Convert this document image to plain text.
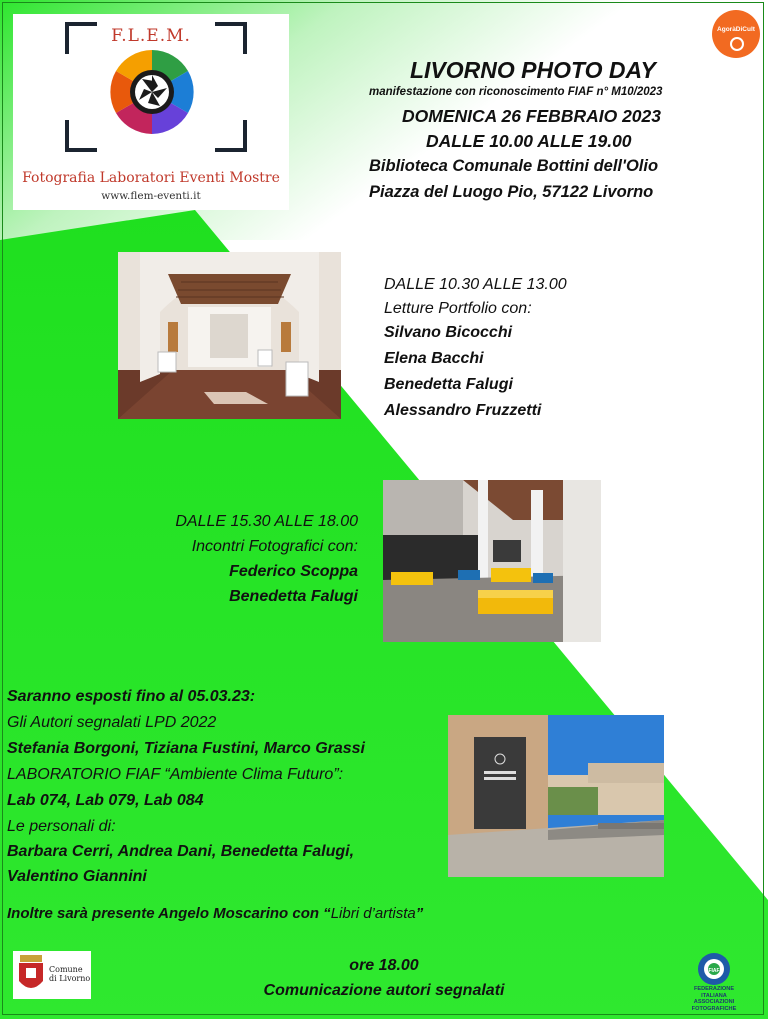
F.L.E.M.
Fotografia Laboratori Eventi Mostre
www.flem-eventi.it
AgoràDiCult
LIVORNO PHOTO DAY
manifestazione con riconoscimento FIAF n° M10/2023
DOMENICA 26 FEBBRAIO 2023
DALLE 10.00 ALLE 19.00
Biblioteca Comunale Bottini dell'Olio
Piazza del Luogo Pio, 57122 Livorno
DALLE 10.30 ALLE 13.00
Letture Portfolio con:
Silvano Bicocchi
Elena Bacchi
Benedetta Falugi
Alessandro Fruzzetti
DALLE 15.30 ALLE 18.00
Incontri Fotografici con:
Federico Scoppa
Benedetta Falugi
Saranno esposti fino al 05.03.23:
Gli Autori segnalati LPD 2022
Stefania Borgoni, Tiziana Fustini, Marco Grassi
LABORATORIO FIAF “Ambiente Clima Futuro”:
Lab 074, Lab 079, Lab 084
Le personali di:
Barbara Cerri, Andrea Dani, Benedetta Falugi,
Valentino Giannini
Inoltre sarà presente Angelo Moscarino con “Libri d’artista”
Comune
di Livorno
ore 18.00
Comunicazione autori segnalati
FIAF
FEDERAZIONE
ITALIANA
ASSOCIAZIONI
FOTOGRAFICHE
